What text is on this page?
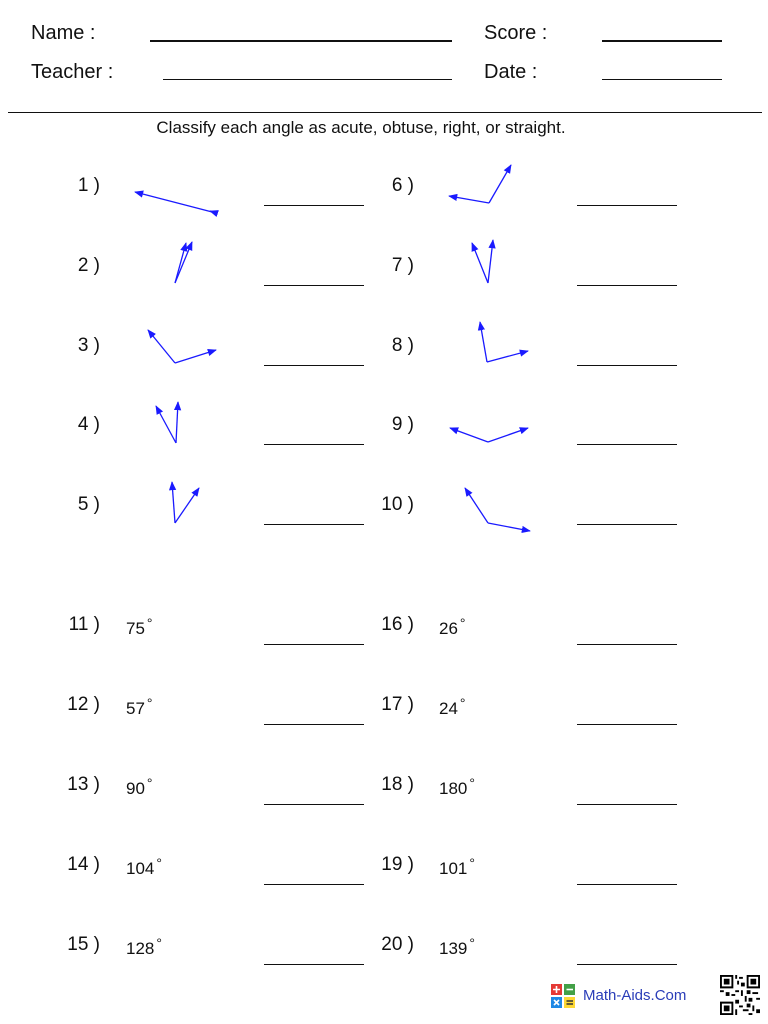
Name :	Score :
Teacher :	Date :
Classify each angle as acute, obtuse, right, or straight.
1 )
2 )
3 )
4 )
5 )
6 )
7 )
8 )
9 )
10 )
11 ) 75 °
12 ) 57 °
13 ) 90 °
14 ) 104 °
15 ) 128 °
16 ) 26 °
17 ) 24 °
18 ) 180 °
19 ) 101 °
20 ) 139 °
Math-Aids.Com
